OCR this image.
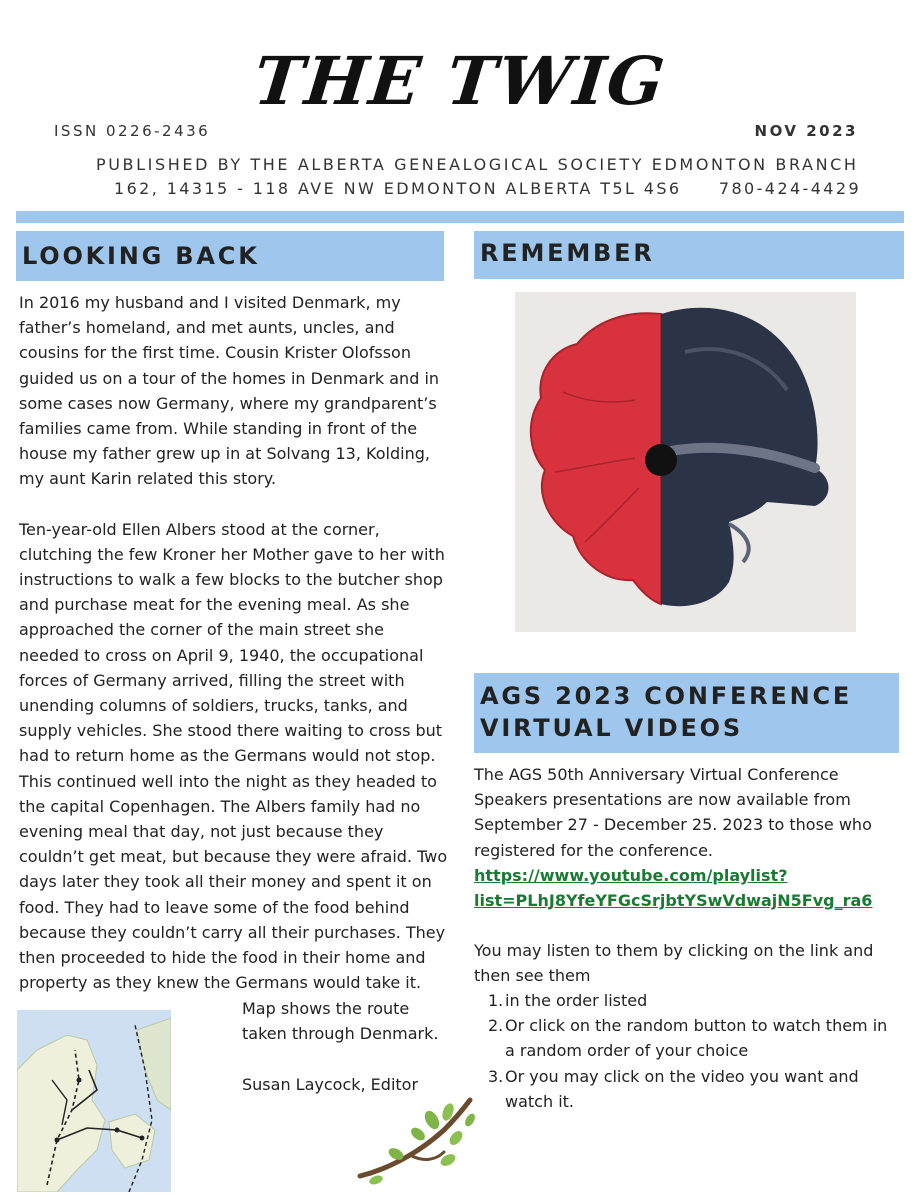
THE TWIG
ISSN 0226-2436	NOV 2023
PUBLISHED BY THE ALBERTA GENEALOGICAL SOCIETY EDMONTON BRANCH
162, 14315 - 118 AVE NW EDMONTON ALBERTA T5L 4S6     780-424-4429
LOOKING BACK

In 2016 my husband and I visited Denmark, my father’s homeland, and met aunts, uncles, and cousins for the first time. Cousin Krister Olofsson guided us on a tour of the homes in Denmark and in some cases now Germany, where my grandparent’s families came from. While standing in front of the house my father grew up in at Solvang 13, Kolding, my aunt Karin related this story.

Ten-year-old Ellen Albers stood at the corner, clutching the few Kroner her Mother gave to her with instructions to walk a few blocks to the butcher shop and purchase meat for the evening meal. As she approached the corner of the main street she needed to cross on April 9, 1940, the occupational forces of Germany arrived, filling the street with unending columns of soldiers, trucks, tanks, and supply vehicles. She stood there waiting to cross but had to return home as the Germans would not stop. This continued well into the night as they headed to the capital Copenhagen. The Albers family had no evening meal that day, not just because they couldn’t get meat, but because they were afraid. Two days later they took all their money and spent it on food. They had to leave some of the food behind because they couldn’t carry all their purchases. They then proceeded to hide the food in their home and property as they knew the Germans would take it.

Map shows the route taken through Denmark.
Susan Laycock, Editor
REMEMBER
AGS 2023 CONFERENCE
VIRTUAL VIDEOS
The AGS 50th Anniversary Virtual Conference Speakers presentations are now available from September 27 - December 25. 2023 to those who registered for the conference.
https://www.youtube.com/playlist?
list=PLhJ8YfeYFGcSrjbtYSwVdwajN5Fvg_ra6
You may listen to them by clicking on the link and then see them
1. in the order listed
2. Or click on the random button to watch them in a random order of your choice
3. Or you may click on the video you want and watch it.
